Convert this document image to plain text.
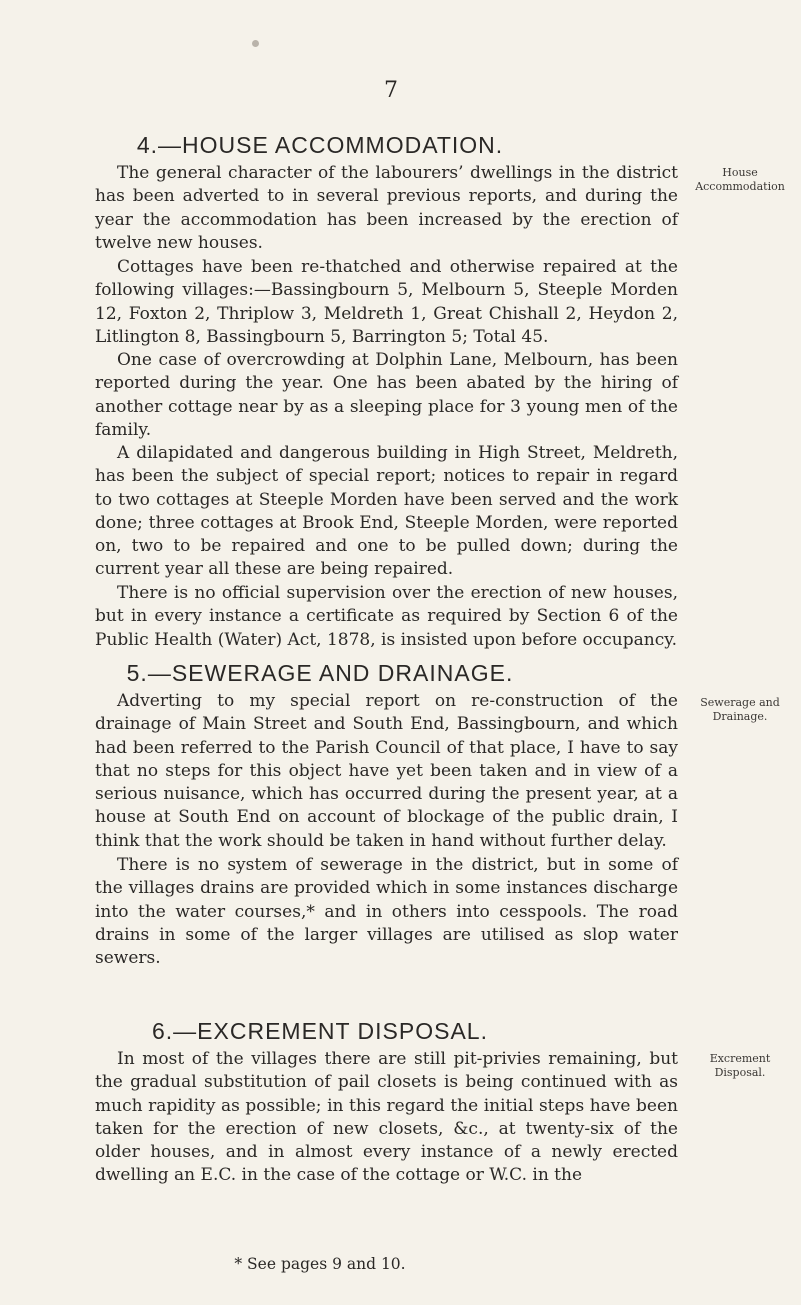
7
4.—HOUSE ACCOMMODATION.
House Accommodation

The general character of the labourers’ dwellings in the district has been adverted to in several previous reports, and during the year the accommodation has been increased by the erection of twelve new houses.

Cottages have been re-thatched and otherwise repaired at the following villages:—Bassingbourn 5, Melbourn 5, Steeple Morden 12, Foxton 2, Thriplow 3, Meldreth 1, Great Chishall 2, Heydon 2, Litlington 8, Bassingbourn 5, Barrington 5; Total 45.

One case of overcrowding at Dolphin Lane, Melbourn, has been reported during the year. One has been abated by the hiring of another cottage near by as a sleeping place for 3 young men of the family.

A dilapidated and dangerous building in High Street, Meldreth, has been the subject of special report; notices to repair in regard to two cottages at Steeple Morden have been served and the work done; three cottages at Brook End, Steeple Morden, were reported on, two to be repaired and one to be pulled down; during the current year all these are being repaired.

There is no official supervision over the erection of new houses, but in every instance a certificate as required by Section 6 of the Public Health (Water) Act, 1878, is insisted upon before occupancy.

5.—SEWERAGE AND DRAINAGE.
Sewerage and Drainage.

Adverting to my special report on re-construction of the drainage of Main Street and South End, Bassingbourn, and which had been referred to the Parish Council of that place, I have to say that no steps for this object have yet been taken and in view of a serious nuisance, which has occurred during the present year, at a house at South End on account of blockage of the public drain, I think that the work should be taken in hand without further delay.

There is no system of sewerage in the district, but in some of the villages drains are provided which in some instances discharge into the water courses,* and in others into cesspools. The road drains in some of the larger villages are utilised as slop water sewers.

6.—EXCREMENT DISPOSAL.
Excrement Disposal.

In most of the villages there are still pit-privies remaining, but the gradual substitution of pail closets is being continued with as much rapidity as possible; in this regard the initial steps have been taken for the erection of new closets, &c., at twenty-six of the older houses, and in almost every instance of a newly erected dwelling an E.C. in the case of the cottage or W.C. in the

* See pages 9 and 10.
